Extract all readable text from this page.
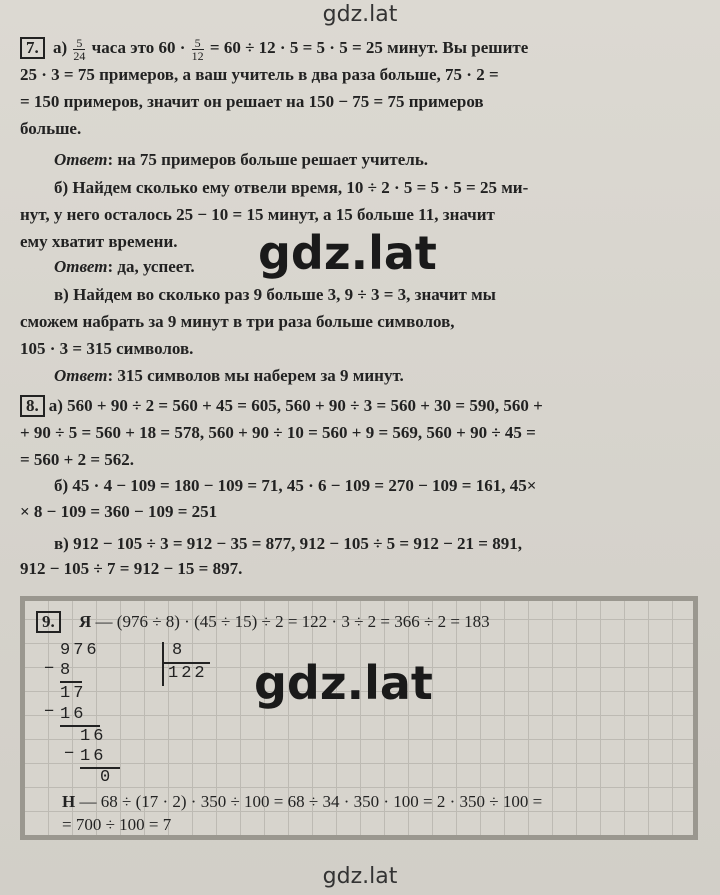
gdz.lat
7. $а) \frac{5}{24}$ часа это $60 \cdot \frac{5}{12} = 60 \div 12 \cdot 5 = 5 \cdot 5 = 25$ минут. Вы решите
25 · 3 = 75 примеров, а ваш учитель в два раза больше, 75 · 2 =
= 150 примеров, значит он решает на 150 − 75 = 75 примеров
больше.
Ответ: на 75 примеров больше решает учитель.
б) Найдем сколько ему отвели время, 10 ÷ 2 · 5 = 5 · 5 = 25 ми-
нут, у него осталось 25 − 10 = 15 минут, а 15 больше 11, значит
ему хватит времени.
Ответ: да, успеет.	gdz.lat
в) Найдем во сколько раз 9 больше 3, 9 ÷ 3 = 3, значит мы
сможем набрать за 9 минут в три раза больше символов,
105 · 3 = 315 символов.
Ответ: 315 символов мы наберем за 9 минут.
8. а) 560 + 90 ÷ 2 = 560 + 45 = 605, 560 + 90 ÷ 3 = 560 + 30 = 590, 560 +
+ 90 ÷ 5 = 560 + 18 = 578, 560 + 90 ÷ 10 = 560 + 9 = 569, 560 + 90 ÷ 45 =
= 560 + 2 = 562.
б) 45 · 4 − 109 = 180 − 109 = 71, 45 · 6 − 109 = 270 − 109 = 161, 45×
× 8 − 109 = 360 − 109 = 251
в) 912 − 105 ÷ 3 = 912 − 35 = 877, 912 − 105 ÷ 5 = 912 − 21 = 891,
912 − 105 ÷ 7 = 912 − 15 = 897.
9. Я — (976 ÷ 8) · (45 ÷ 15) ÷ 2 = 122 · 3 ÷ 2 = 366 ÷ 2 = 183
976	8
122
− 8
17
− 16
16
− 16
0
gdz.lat
Н — 68 ÷ (17 · 2) · 350 ÷ 100 = 68 ÷ 34 · 350 · 100 = 2 · 350 ÷ 100 =
= 700 ÷ 100 = 7
gdz.lat
